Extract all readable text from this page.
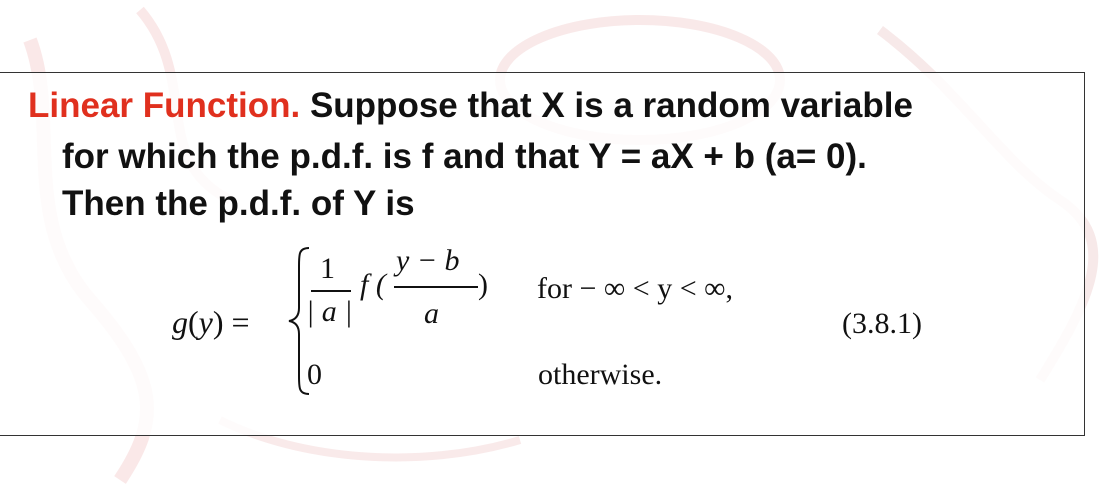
Linear Function. Suppose that X is a random variable
for which the p.d.f. is f and that Y = aX + b (a= 0).
Then the p.d.f. of Y is
g(y) =
1
| a |
f (
y − b
a
) for − ∞ < y < ∞,
(3.8.1)
0	otherwise.
